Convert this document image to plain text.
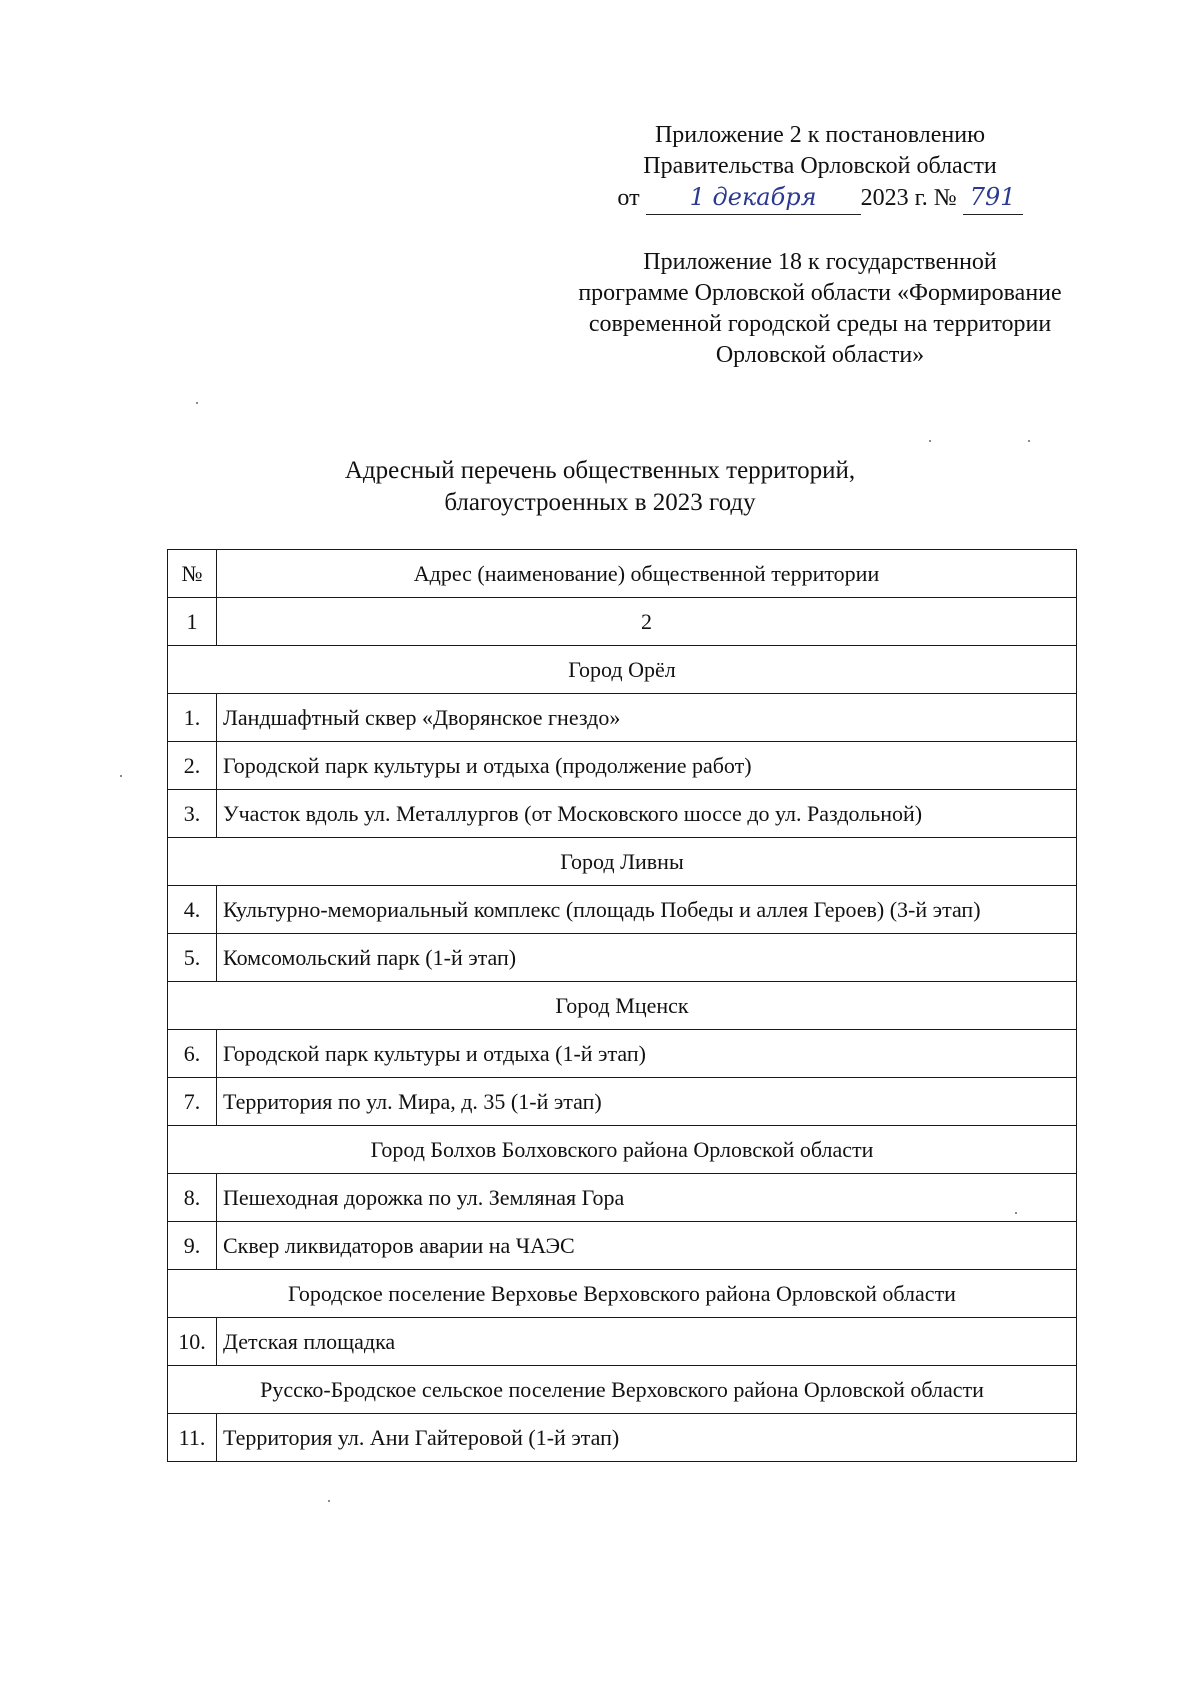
Приложение 2 к постановлению
Правительства Орловской области
от 1 декабря 2023 г. № 791
Приложение 18 к государственной
программе Орловской области «Формирование
современной городской среды на территории
Орловской области»
Адресный перечень общественных территорий,
благоустроенных в 2023 году
№	Адрес (наименование) общественной территории
1	2
Город Орёл	
1.	Ландшафтный сквер «Дворянское гнездо»
2.	Городской парк культуры и отдыха (продолжение работ)
3.	Участок вдоль ул. Металлургов (от Московского шоссе до ул. Раздольной)
Город Ливны	
4.	Культурно-мемориальный комплекс (площадь Победы и аллея Героев) (3-й этап)
5.	Комсомольский парк (1-й этап)
Город Мценск	
6.	Городской парк культуры и отдыха (1-й этап)
7.	Территория по ул. Мира, д. 35 (1-й этап)
Город Болхов Болховского района Орловской области	
8.	Пешеходная дорожка по ул. Земляная Гора
9.	Сквер ликвидаторов аварии на ЧАЭС
Городское поселение Верховье Верховского района Орловской области	
10.	Детская площадка
Русско-Бродское сельское поселение Верховского района Орловской области	
11.	Территория ул. Ани Гайтеровой (1-й этап)
